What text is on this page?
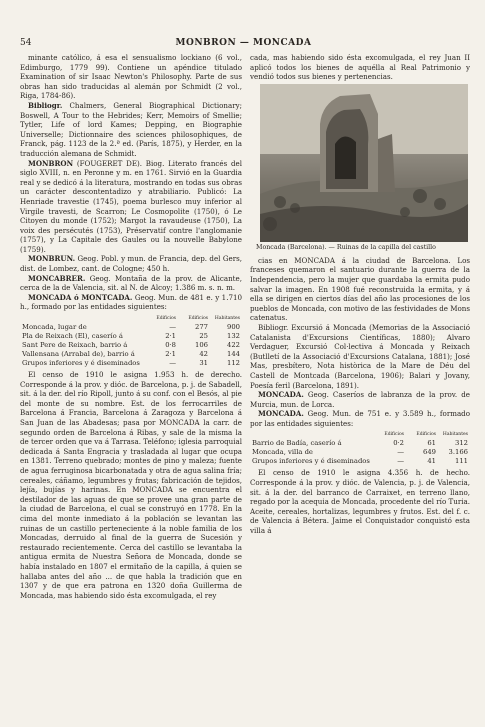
54	MONBRON — MONCADA

minante católico, á esa el sensualismo lockiano (6 vol., Edimburgo, 1779 99). Contiene un apéndice titulado Examination of sir Isaac Newton's Philosophy. Parte de sus obras han sido traducidas al alemán por Schmidt (2 vol., Riga, 1784-86).

Bibliogr. Chalmers, General Biographical Dictionary; Boswell, A Tour to the Hebrides; Kerr, Memoirs of Smellie; Tytler, Life of lord Kames; Depping, en Biographie Universelle; Dictionnaire des sciences philosophiques, de Franck, pág. 1123 de la 2.ª ed. (París, 1875), y Herder, en la traducción alemana de Schmidt.

MONBRON (FOUGERET DE). Biog. Literato francés del siglo XVIII, n. en Peronne y m. en 1761. Sirvió en la Guardia real y se dedicó á la literatura, mostrando en todas sus obras un carácter descontentadizo y atrabiliario. Publicó: La Henriade travestie (1745), poema burlesco muy inferior al Virgile travesti, de Scarron; Le Cosmopolite (1750), ó Le Citoyen du monde (1752); Margot la ravaudeuse (1750), La voix des persécutés (1753), Préservatif contre l'anglomanie (1757), y La Capitale des Gaules ou la nouvelle Babylone (1759).

MONBRUN. Geog. Pobl. y mun. de Francia, dep. del Gers, dist. de Lombez, cant. de Cologne; 450 h.

MONCABRER. Geog. Montaña de la prov. de Alicante, cerca de la de Valencia, sit. al N. de Alcoy; 1.386 m. s. n. m.

MONCADA ó MONTCADA. Geog. Mun. de 481 e. y 1.710 h., formado por las entidades siguientes:

	Edificios	Edificios	Habitantes
Moncada, lugar de	—	277	900
Pla de Reixach (El), caserío á	2·1	25	132
Sant Pere de Reixach, barrio á	0·8	106	422
Vallensana (Arrabal de), barrio á	2·1	42	144
Grupos inferiores y é diseminados	—	31	112

El censo de 1910 le asigna 1.953 h. de derecho. Corresponde á la prov. y dióc. de Barcelona, p. j. de Sabadell, sit. á la der. del río Ripoll, junto á su conf. con el Besós, al pie del monte de su nombre. Est. de los ferrocarriles de Barcelona á Francia, Barcelona á Zaragoza y Barcelona á San Juan de las Abadesas; pasa por MONCADA la carr. de segundo orden de Barcelona á Ribas, y sale de la misma la de tercer orden que va á Tarrasa. Teléfono; iglesia parroquial dedicada á Santa Engracia y trasladada al lugar que ocupa en 1381. Terreno quebrado; montes de pino y maleza; fuente de agua ferruginosa bicarbonatada y otra de agua salina fría; cereales, cáñamo, legumbres y frutas; fabricación de tejidos, lejía, bujías y harinas. En MONCADA se encuentra el destilador de las aguas de que se provee una gran parte de la ciudad de Barcelona, el cual se construyó en 1778. En la cima del monte inmediato á la población se levantan las ruinas de un castillo perteneciente á la noble familia de los Moncadas, derruido al final de la guerra de Sucesión y restaurado recientemente. Cerca del castillo se levantaba la antigua ermita de Nuestra Señora de Moncada, donde se había instalado en 1807 el ermitaño de la capilla, á quien se hallaba antes del año ... de que habla la tradición que en 1307 y de que era patrona en 1320 doña Guillerma de Moncada, mas habiendo sido ésta excomulgada, el rey

cada, mas habiendo sido ésta excomulgada, el rey Juan II aplicó todos los bienes de aquélla al Real Patrimonio y vendió todos sus bienes y pertenencias.

Moncada (Barcelona). — Ruinas de la capilla del castillo

cias en MONCADA á la ciudad de Barcelona. Los franceses quemaron el santuario durante la guerra de la Independencia, pero la mujer que guardaba la ermita pudo salvar la imagen. En 1908 fué reconstruida la ermita, y á ella se dirigen en ciertos días del año las procesiones de los pueblos de Moncada, con motivo de las festividades de Mons catenatus.

Bibliogr. Excursió á Moncada (Memorias de la Associació Catalanista d'Excursions Científicas, 1880); Alvaro Verdaguer, Excursió Col·lectiva á Moncada y Reixach (Butlletí de la Associació d'Excursions Catalana, 1881); José Mas, presbítero, Nota històrica de la Mare de Déu del Castell de Montcada (Barcelona, 1906); Balari y Jovany, Poesía feril (Barcelona, 1891).

MONCADA. Geog. Caseríos de labranza de la prov. de Murcia, mun. de Lorca.

MONCADA. Geog. Mun. de 751 e. y 3.589 h., formado por las entidades siguientes:

	Edificios	Edificios	Habitantes
Barrio de Badía, caserío á	0·2	61	312
Moncada, villa de	—	649	3.166
Grupos inferiores y é diseminados	—	41	111

El censo de 1910 le asigna 4.356 h. de hecho. Corresponde á la prov. y dióc. de Valencia, p. j. de Valencia, sit. á la der. del barranco de Carraixet, en terreno llano, regado por la acequia de Moncada, procedente del río Turia. Aceite, cereales, hortalizas, legumbres y frutos. Est. del f. c. de Valencia á Bétera. Jaime el Conquistador conquistó esta villa á
